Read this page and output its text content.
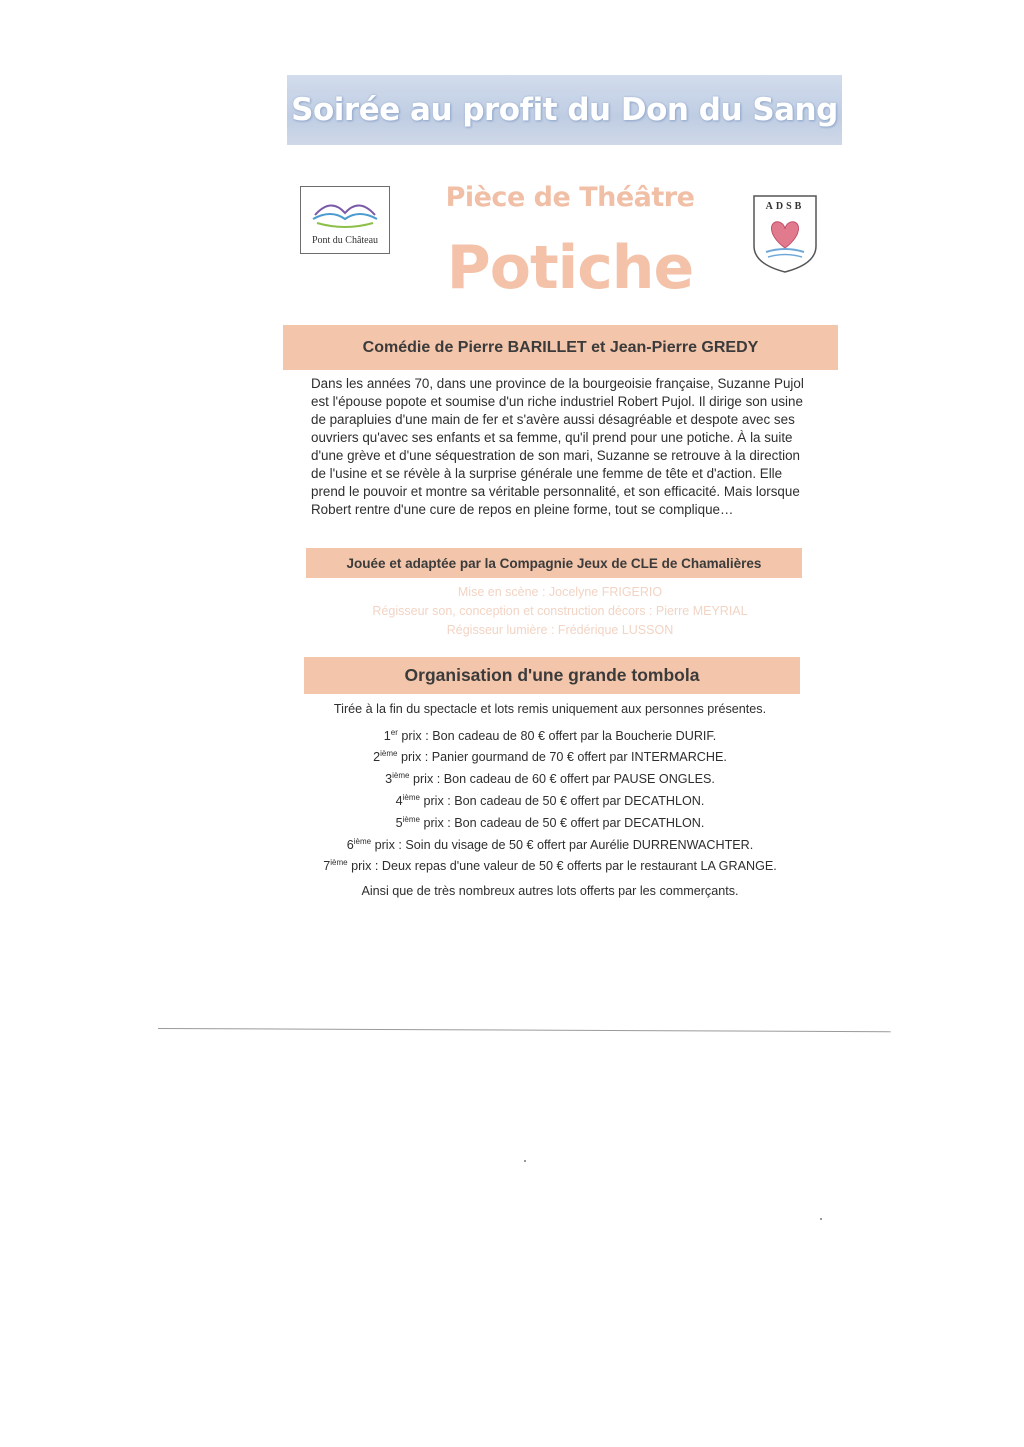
Soirée au profit du Don du Sang
Pont du Château
ADSB
Pièce de Théâtre
Potiche
Comédie de Pierre BARILLET et Jean-Pierre GREDY

Dans les années 70, dans une province de la bourgeoisie française, Suzanne Pujol est l'épouse popote et soumise d'un riche industriel Robert Pujol. Il dirige son usine de parapluies d'une main de fer et s'avère aussi désagréable et despote avec ses ouvriers qu'avec ses enfants et sa femme, qu'il prend pour une potiche. À la suite d'une grève et d'une séquestration de son mari, Suzanne se retrouve à la direction de l'usine et se révèle à la surprise générale une femme de tête et d'action. Elle prend le pouvoir et montre sa véritable personnalité, et son efficacité. Mais lorsque Robert rentre d'une cure de repos en pleine forme, tout se complique…

Jouée et adaptée par la Compagnie Jeux de CLE de Chamalières
Mise en scène : Jocelyne FRIGERIO
Régisseur son, conception et construction décors : Pierre MEYRIAL
Régisseur lumière : Frédérique LUSSON
Organisation d'une grande tombola
Tirée à la fin du spectacle et lots remis uniquement aux personnes présentes.
1er prix : Bon cadeau de 80 € offert par la Boucherie DURIF.
2ième prix : Panier gourmand de 70 € offert par INTERMARCHE.
3ième prix : Bon cadeau de 60 € offert par PAUSE ONGLES.
4ième prix : Bon cadeau de 50 € offert par DECATHLON.
5ième prix : Bon cadeau de 50 € offert par DECATHLON.
6ième prix : Soin du visage de 50 € offert par Aurélie DURRENWACHTER.
7ième prix : Deux repas d'une valeur de 50 € offerts par le restaurant LA GRANGE.
Ainsi que de très nombreux autres lots offerts par les commerçants.
